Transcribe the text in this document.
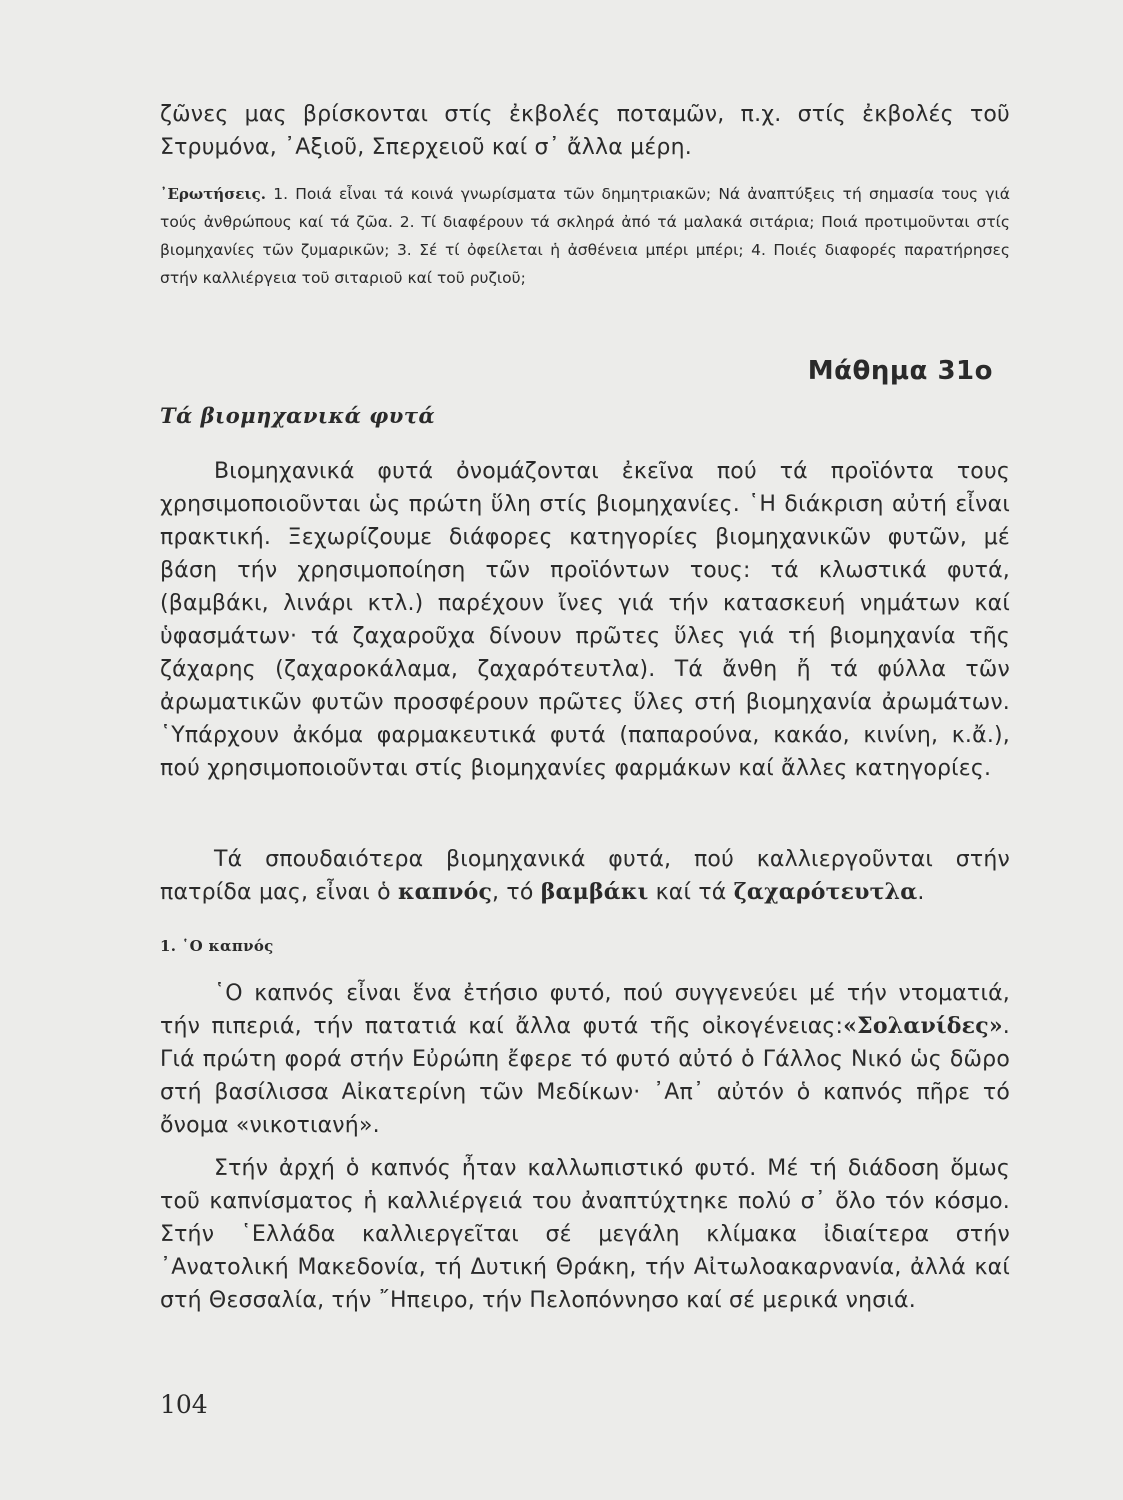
ζῶνες μας βρίσκονται στίς ἐκβολές ποταμῶν, π.χ. στίς ἐκβολές τοῦ Στρυμόνα, ᾿Αξιοῦ, Σπερχειοῦ καί σ᾿ ἄλλα μέρη.

᾿Ερωτήσεις. 1. Ποιά εἶναι τά κοινά γνωρίσματα τῶν δημητριακῶν; Νά ἀναπτύξεις τή σημασία τους γιά τούς ἀνθρώπους καί τά ζῶα. 2. Τί διαφέρουν τά σκληρά ἀπό τά μαλακά σιτάρια; Ποιά προτιμοῦνται στίς βιομηχανίες τῶν ζυμαρικῶν; 3. Σέ τί ὀφείλεται ἡ ἀσθένεια μπέρι μπέρι; 4. Ποιές διαφορές παρατήρησες στήν καλλιέργεια τοῦ σιταριοῦ καί τοῦ ρυζιοῦ;

Μάθημα 31ο
Τά βιομηχανικά φυτά

Βιομηχανικά φυτά ὀνομάζονται ἐκεῖνα πού τά προϊόντα τους χρησιμοποιοῦνται ὡς πρώτη ὕλη στίς βιομηχανίες. ῾Η διάκριση αὐτή εἶναι πρακτική. Ξεχωρίζουμε διάφορες κατηγορίες βιομηχανικῶν φυτῶν, μέ βάση τήν χρησιμοποίηση τῶν προϊόντων τους: τά κλωστικά φυτά, (βαμβάκι, λινάρι κτλ.) παρέχουν ἴνες γιά τήν κατασκευή νημάτων καί ὑφασμάτων· τά ζαχαροῦχα δίνουν πρῶτες ὕλες γιά τή βιομηχανία τῆς ζάχαρης (ζαχαροκάλαμα, ζαχαρότευτλα). Τά ἄνθη ἤ τά φύλλα τῶν ἀρωματικῶν φυτῶν προσφέρουν πρῶτες ὕλες στή βιομηχανία ἀρωμάτων. ῾Υπάρχουν ἀκόμα φαρμακευτικά φυτά (παπαρούνα, κακάο, κινίνη, κ.ἄ.), πού χρησιμοποιοῦνται στίς βιομηχανίες φαρμάκων καί ἄλλες κατηγορίες.

Τά σπουδαιότερα βιομηχανικά φυτά, πού καλλιεργοῦνται στήν πατρίδα μας, εἶναι ὁ καπνός, τό βαμβάκι καί τά ζαχαρότευτλα.

1. ῾Ο καπνός

῾Ο καπνός εἶναι ἕνα ἐτήσιο φυτό, πού συγγενεύει μέ τήν ντοματιά, τήν πιπεριά, τήν πατατιά καί ἄλλα φυτά τῆς οἰκογένειας:«Σολανίδες». Γιά πρώτη φορά στήν Εὐρώπη ἔφερε τό φυτό αὐτό ὁ Γάλλος Νικό ὡς δῶρο στή βασίλισσα Αἰκατερίνη τῶν Μεδίκων· ᾿Απ᾿ αὐτόν ὁ καπνός πῆρε τό ὄνομα «νικοτιανή».

Στήν ἀρχή ὁ καπνός ἦταν καλλωπιστικό φυτό. Μέ τή διάδοση ὅμως τοῦ καπνίσματος ἡ καλλιέργειά του ἀναπτύχτηκε πολύ σ᾿ ὅλο τόν κόσμο. Στήν ῾Ελλάδα καλλιεργεῖται σέ μεγάλη κλίμακα ἰδιαίτερα στήν ᾿Ανατολική Μακεδονία, τή Δυτική Θράκη, τήν Αἰτωλοακαρνανία, ἀλλά καί στή Θεσσαλία, τήν ῎Ηπειρο, τήν Πελοπόννησο καί σέ μερικά νησιά.

104
